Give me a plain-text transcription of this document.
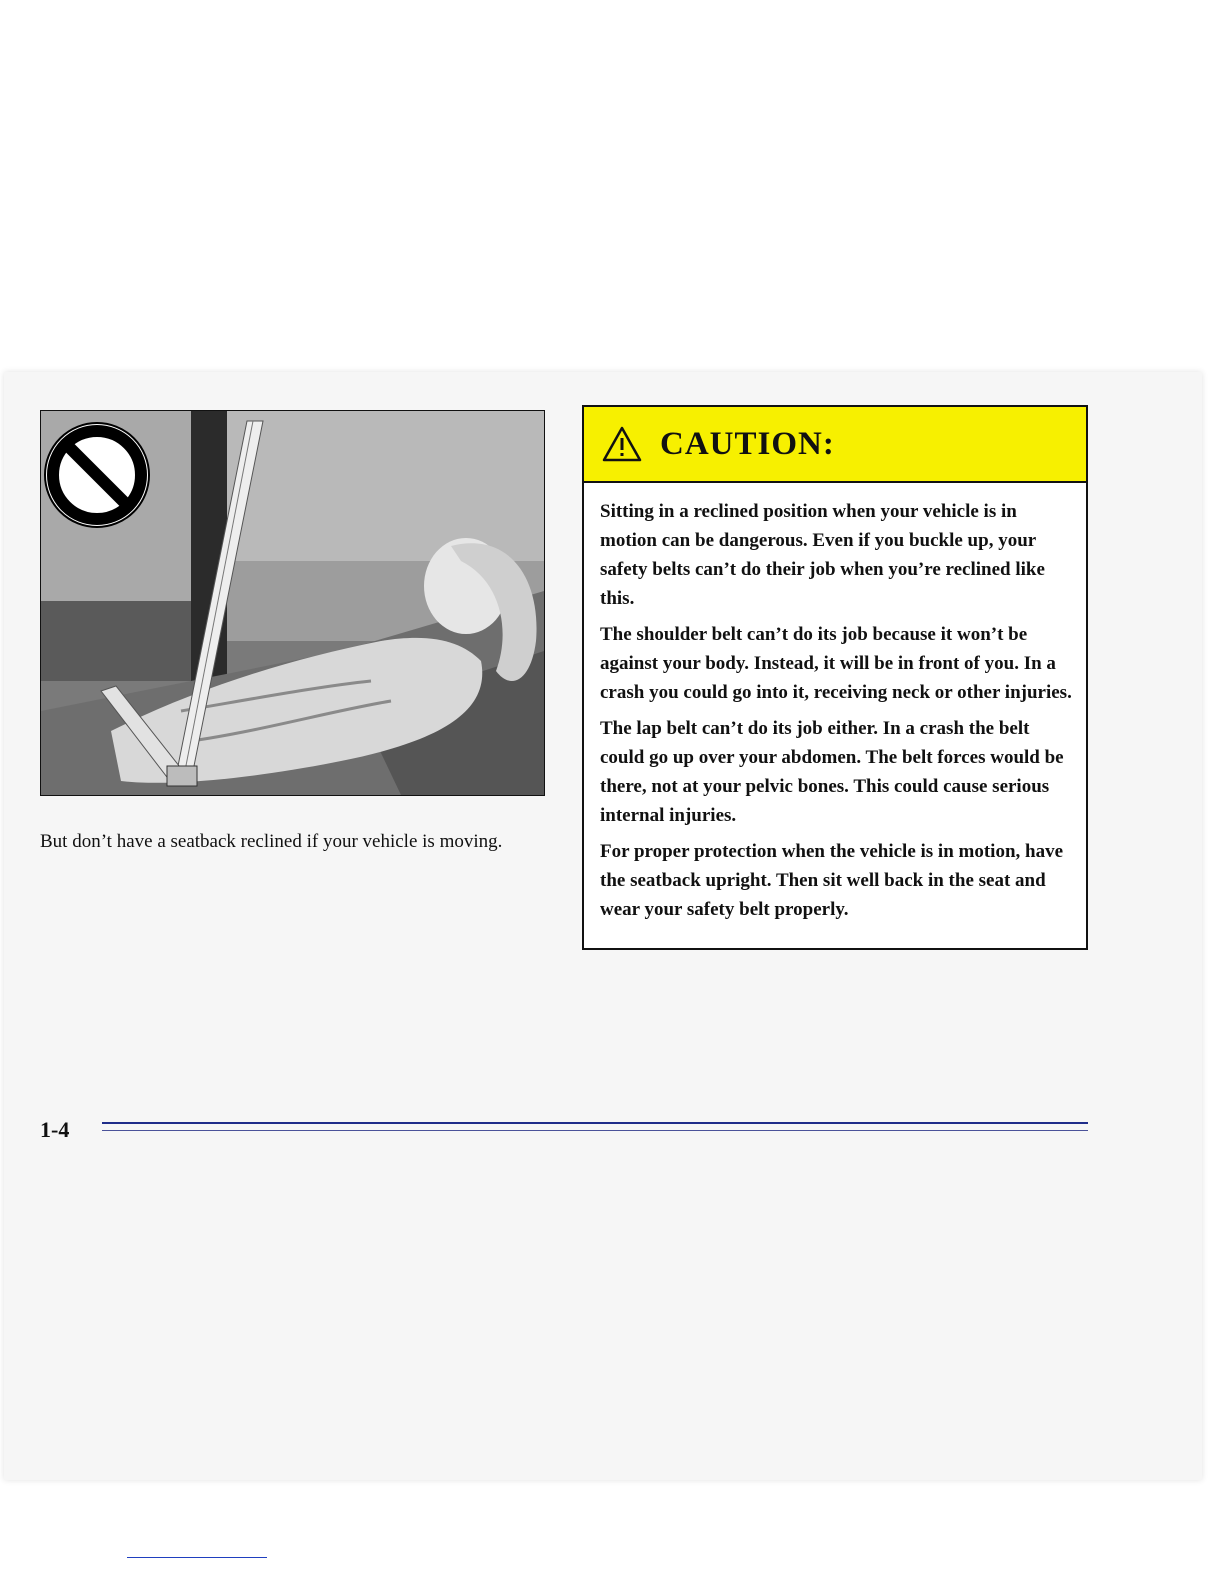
But don’t have a seatback reclined if your vehicle is moving.
CAUTION:

Sitting in a reclined position when your vehicle is in motion can be dangerous. Even if you buckle up, your safety belts can’t do their job when you’re reclined like this.

The shoulder belt can’t do its job because it won’t be against your body. Instead, it will be in front of you. In a crash you could go into it, receiving neck or other injuries.

The lap belt can’t do its job either. In a crash the belt could go up over your abdomen. The belt forces would be there, not at your pelvic bones. This could cause serious internal injuries.

For proper protection when the vehicle is in motion, have the seatback upright. Then sit well back in the seat and wear your safety belt properly.

1-4
